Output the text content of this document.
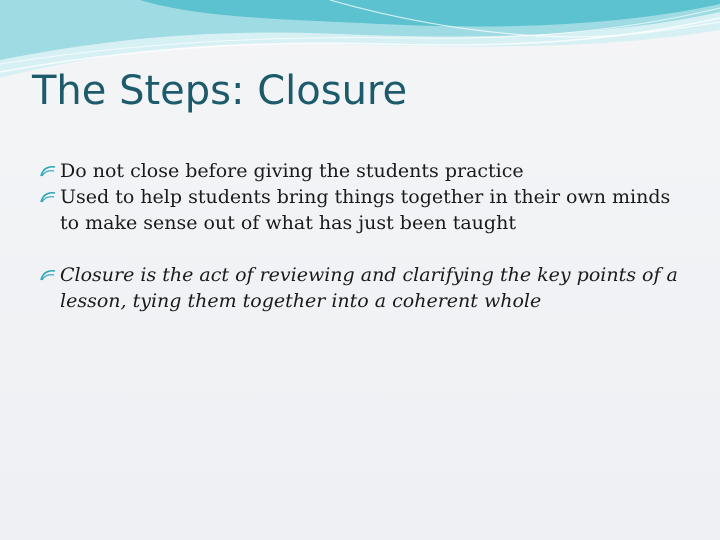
The Steps: Closure
Do not close before giving the students practice
Used to help students bring things together in their own minds to make sense out of what has just been taught
Closure is the act of reviewing and clarifying the key points of a lesson, tying them together into a coherent whole
